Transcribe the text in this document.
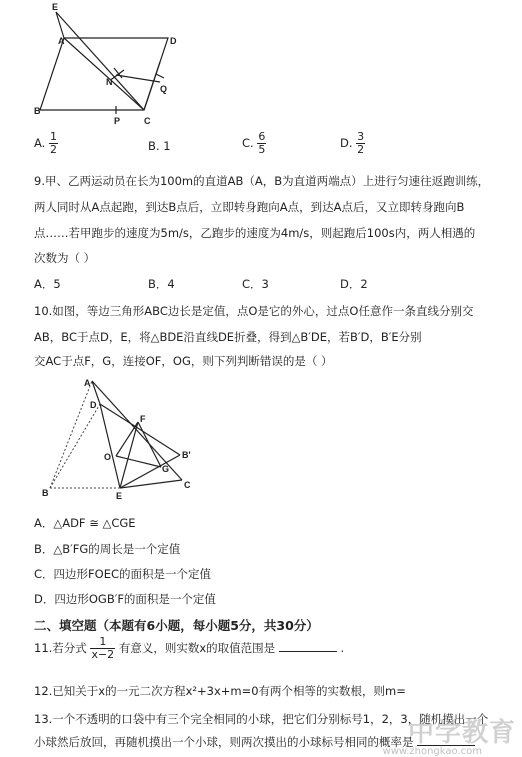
E
A	D
N
Q
B
P	C
A. $\frac{1}{2}$	B. 1	C. $\frac{6}{5}$	D. $\frac{3}{2}$
9.甲、乙两运动员在长为100m的直道AB（A，B为直道两端点）上进行匀速往返跑训练，
两人同时从A点起跑，到达B点后，立即转身跑向A点，到达A点后，又立即转身跑向B
点……若甲跑步的速度为5m/s，乙跑步的速度为4m/s，则起跑后100s内，两人相遇的
次数为（ ）
A．5	B．4	C．3	D．2
10.如图，等边三角形ABC边长是定值，点O是它的外心，过点O任意作一条直线分别交
AB，BC于点D，E，将△BDE沿直线DE折叠，得到△B′DE，若B′D，B′E分别
交AC于点F，G，连接OF，OG，则下列判断错误的是（ ）
A
D
F
O
G
B'
B	E
C
A．△ADF ≅ △CGE
B．△B′FG的周长是一个定值
C．四边形FOEC的面积是一个定值
D．四边形OGB′F的面积是一个定值
二、填空题（本题有6小题，每小题5分，共30分）
11.若分式 $\frac{1}{x-2}$ 有意义，则实数x的取值范围是	.
12.已知关于x的一元二次方程x²+3x+m=0有两个相等的实数根，则m=
13.一个不透明的口袋中有三个完全相同的小球，把它们分别标号1，2，3，随机摸出一个
小球然后放回，再随机摸出一个小球，则两次摸出的小球标号相同的概率是
中学教育
www.zhongkao.com
